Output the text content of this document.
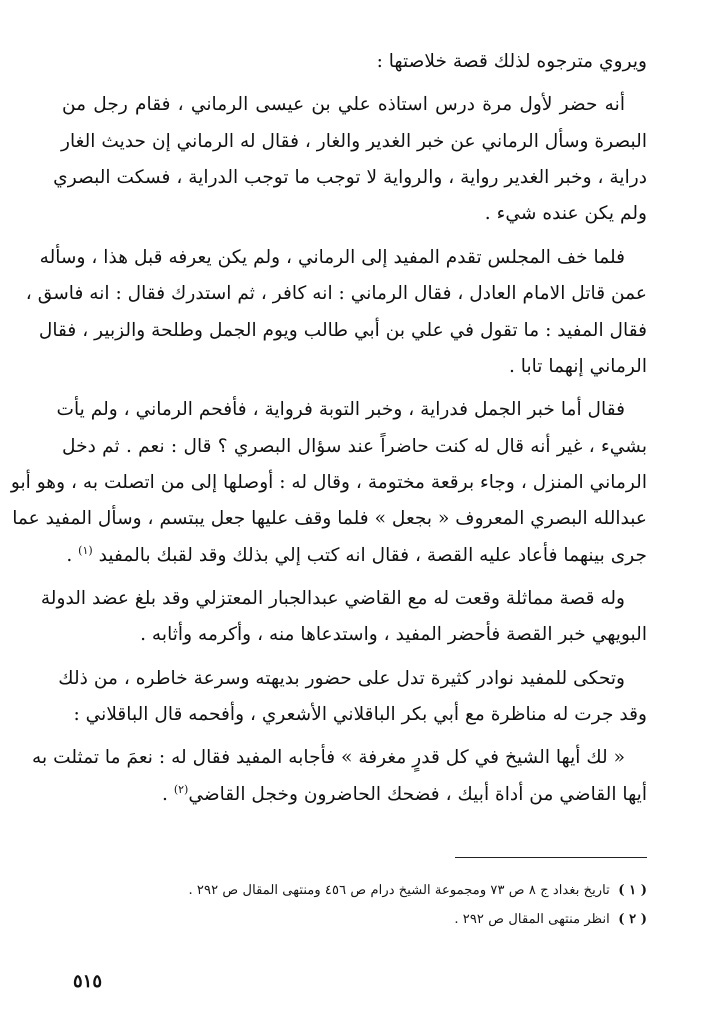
ويروي مترجوه لذلك قصة خلاصتها :
أنه حضر لأول مرة درس استاذه علي بن عيسى الرماني ، فقام رجل من
البصرة وسأل الرماني عن خبر الغدير والغار ، فقال له الرماني إن حديث الغار
دراية ، وخبر الغدير رواية ، والرواية لا توجب ما توجب الدراية ، فسكت البصري
ولم يكن عنده شيء .
فلما خف المجلس تقدم المفيد إلى الرماني ، ولم يكن يعرفه قبل هذا ، وسأله
عمن قاتل الامام العادل ، فقال الرماني : انه كافر ، ثم استدرك فقال : انه فاسق ،
فقال المفيد : ما تقول في علي بن أبي طالب ويوم الجمل وطلحة والزبير ، فقال
الرماني إنهما تابا .
فقال أما خبر الجمل فدراية ، وخبر التوبة فرواية ، فأفحم الرماني ، ولم يأت
بشيء ، غير أنه قال له كنت حاضراً عند سؤال البصري ؟ قال : نعم . ثم دخل
الرماني المنزل ، وجاء برقعة مختومة ، وقال له : أوصلها إلى من اتصلت به ، وهو أبو
عبدالله البصري المعروف « بجعل » فلما وقف عليها جعل يبتسم ، وسأل المفيد عما
جرى بينهما فأعاد عليه القصة ، فقال انه كتب إلي بذلك وقد لقبك بالمفيد $^{(١)}$ .
وله قصة مماثلة وقعت له مع القاضي عبدالجبار المعتزلي وقد بلغ عضد الدولة
البويهي خبر القصة فأحضر المفيد ، واستدعاها منه ، وأكرمه وأثابه .
وتحكى للمفيد نوادر كثيرة تدل على حضور بديهته وسرعة خاطره ، من ذلك
وقد جرت له مناظرة مع أبي بكر الباقلاني الأشعري ، وأفحمه قال الباقلاني :
« لك أيها الشيخ في كل قدرٍ مغرفة » فأجابه المفيد فقال له : نعمَ ما تمثلت به
أيها القاضي من أداة أبيك ، فضحك الحاضرون وخجل القاضي$^{(٢)}$ .
( ١ )  تاريخ بغداد ج ٨ ص ٧٣ ومجموعة الشيخ درام ص ٤٥٦ ومنتهى المقال ص ٢٩٢ .
( ٢ )  انظر منتهى المقال ص ٢٩٢ .
٥١٥
